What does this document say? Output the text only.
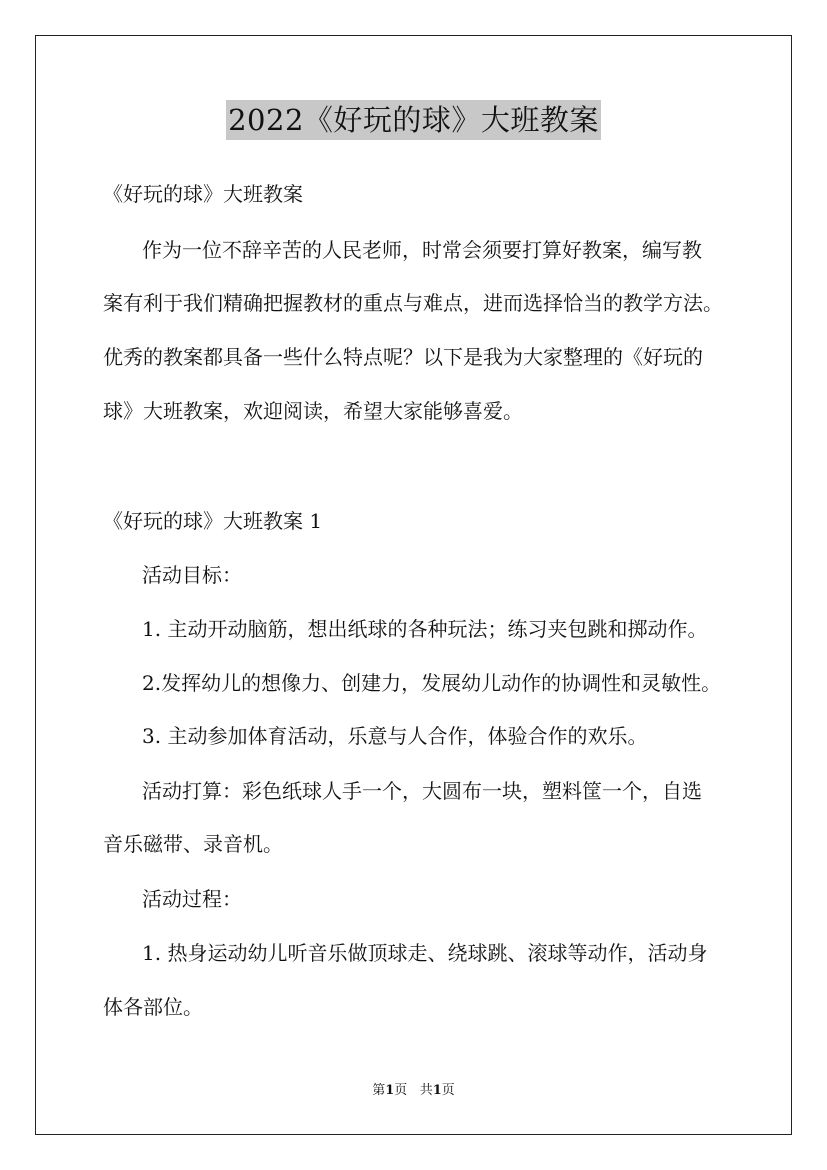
2022《好玩的球》大班教案
《好玩的球》大班教案
作为一位不辞辛苦的人民老师，时常会须要打算好教案，编写教
案有利于我们精确把握教材的重点与难点，进而选择恰当的教学方法。
优秀的教案都具备一些什么特点呢？以下是我为大家整理的《好玩的
球》大班教案，欢迎阅读，希望大家能够喜爱。
《好玩的球》大班教案 1
活动目标：
1. 主动开动脑筋，想出纸球的各种玩法；练习夹包跳和掷动作。
2.发挥幼儿的想像力、创建力，发展幼儿动作的协调性和灵敏性。
3. 主动参加体育活动，乐意与人合作，体验合作的欢乐。
活动打算：彩色纸球人手一个，大圆布一块，塑料筐一个，自选
音乐磁带、录音机。
活动过程：
1. 热身运动幼儿听音乐做顶球走、绕球跳、滚球等动作，活动身
体各部位。
第1页 共1页
